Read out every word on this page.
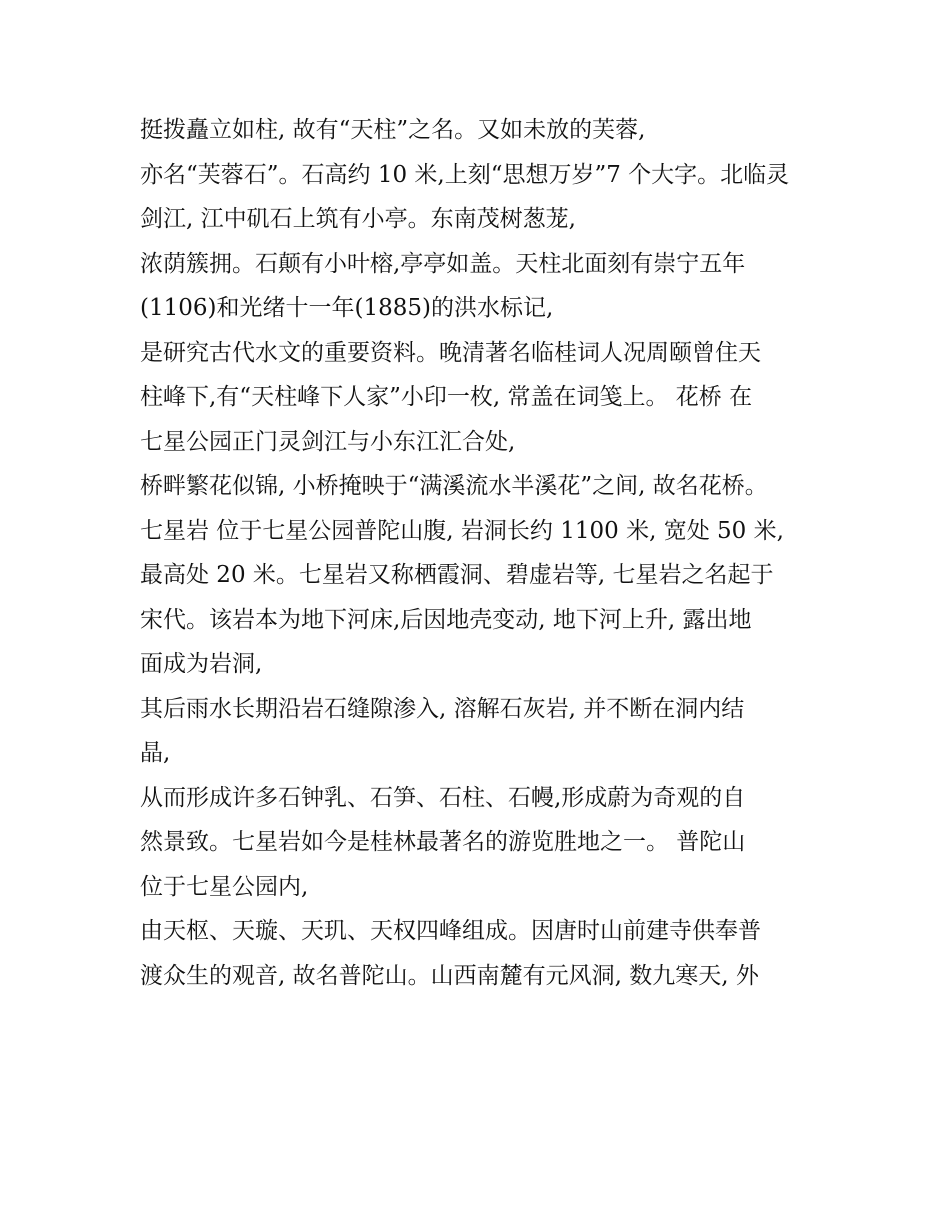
挺拨矗立如柱, 故有“天柱”之名。又如未放的芙蓉,
亦名“芙蓉石”。石高约 10 米,上刻“思想万岁”7 个大字。北临灵
剑江, 江中矶石上筑有小亭。东南茂树葱茏,
浓荫簇拥。石颠有小叶榕,亭亭如盖。天柱北面刻有崇宁五年
(1106)和光绪十一年(1885)的洪水标记,
是研究古代水文的重要资料。晚清著名临桂词人况周颐曾住天
柱峰下,有“天柱峰下人家”小印一枚, 常盖在词笺上。 花桥 在
七星公园正门灵剑江与小东江汇合处,
桥畔繁花似锦, 小桥掩映于“满溪流水半溪花”之间, 故名花桥。
七星岩 位于七星公园普陀山腹, 岩洞长约 1100 米, 宽处 50 米,
最高处 20 米。七星岩又称栖霞洞、碧虚岩等, 七星岩之名起于
宋代。该岩本为地下河床,后因地壳变动, 地下河上升, 露出地
面成为岩洞,
其后雨水长期沿岩石缝隙渗入, 溶解石灰岩, 并不断在洞内结
晶,
从而形成许多石钟乳、石笋、石柱、石幔,形成蔚为奇观的自
然景致。七星岩如今是桂林最著名的游览胜地之一。 普陀山
位于七星公园内,
由天枢、天璇、天玑、天权四峰组成。因唐时山前建寺供奉普
渡众生的观音, 故名普陀山。山西南麓有元风洞, 数九寒天, 外
